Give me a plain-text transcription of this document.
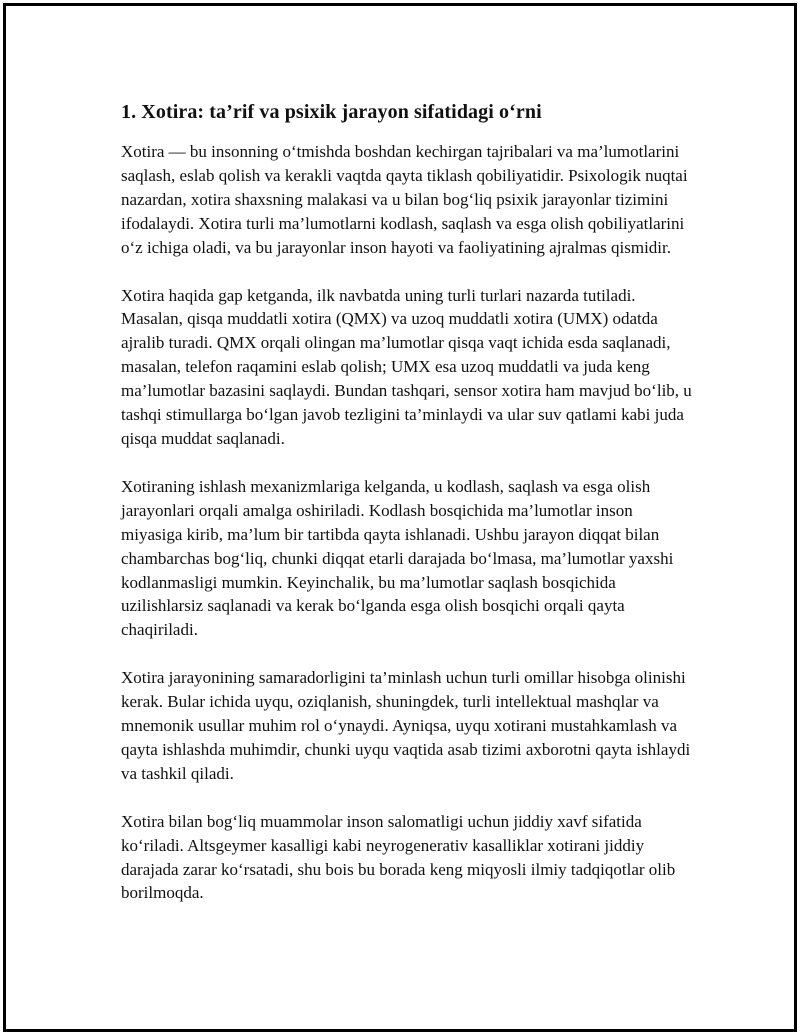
1. Xotira: ta’rif va psixik jarayon sifatidagi o‘rni

Xotira — bu insonning o‘tmishda boshdan kechirgan tajribalari va ma’lumotlarini saqlash, eslab qolish va kerakli vaqtda qayta tiklash qobiliyatidir. Psixologik nuqtai nazardan, xotira shaxsning malakasi va u bilan bog‘liq psixik jarayonlar tizimini ifodalaydi. Xotira turli ma’lumotlarni kodlash, saqlash va esga olish qobiliyatlarini o‘z ichiga oladi, va bu jarayonlar inson hayoti va faoliyatining ajralmas qismidir.

Xotira haqida gap ketganda, ilk navbatda uning turli turlari nazarda tutiladi. Masalan, qisqa muddatli xotira (QMX) va uzoq muddatli xotira (UMX) odatda ajralib turadi. QMX orqali olingan ma’lumotlar qisqa vaqt ichida esda saqlanadi, masalan, telefon raqamini eslab qolish; UMX esa uzoq muddatli va juda keng ma’lumotlar bazasini saqlaydi. Bundan tashqari, sensor xotira ham mavjud bo‘lib, u tashqi stimullarga bo‘lgan javob tezligini ta’minlaydi va ular suv qatlami kabi juda qisqa muddat saqlanadi.

Xotiraning ishlash mexanizmlariga kelganda, u kodlash, saqlash va esga olish jarayonlari orqali amalga oshiriladi. Kodlash bosqichida ma’lumotlar inson miyasiga kirib, ma’lum bir tartibda qayta ishlanadi. Ushbu jarayon diqqat bilan chambarchas bog‘liq, chunki diqqat etarli darajada bo‘lmasa, ma’lumotlar yaxshi kodlanmasligi mumkin. Keyinchalik, bu ma’lumotlar saqlash bosqichida uzilishlarsiz saqlanadi va kerak bo‘lganda esga olish bosqichi orqali qayta chaqiriladi.

Xotira jarayonining samaradorligini ta’minlash uchun turli omillar hisobga olinishi kerak. Bular ichida uyqu, oziqlanish, shuningdek, turli intellektual mashqlar va mnemonik usullar muhim rol o‘ynaydi. Ayniqsa, uyqu xotirani mustahkamlash va qayta ishlashda muhimdir, chunki uyqu vaqtida asab tizimi axborotni qayta ishlaydi va tashkil qiladi.

Xotira bilan bog‘liq muammolar inson salomatligi uchun jiddiy xavf sifatida ko‘riladi. Altsgeymer kasalligi kabi neyrogenerativ kasalliklar xotirani jiddiy darajada zarar ko‘rsatadi, shu bois bu borada keng miqyosli ilmiy tadqiqotlar olib borilmoqda.
